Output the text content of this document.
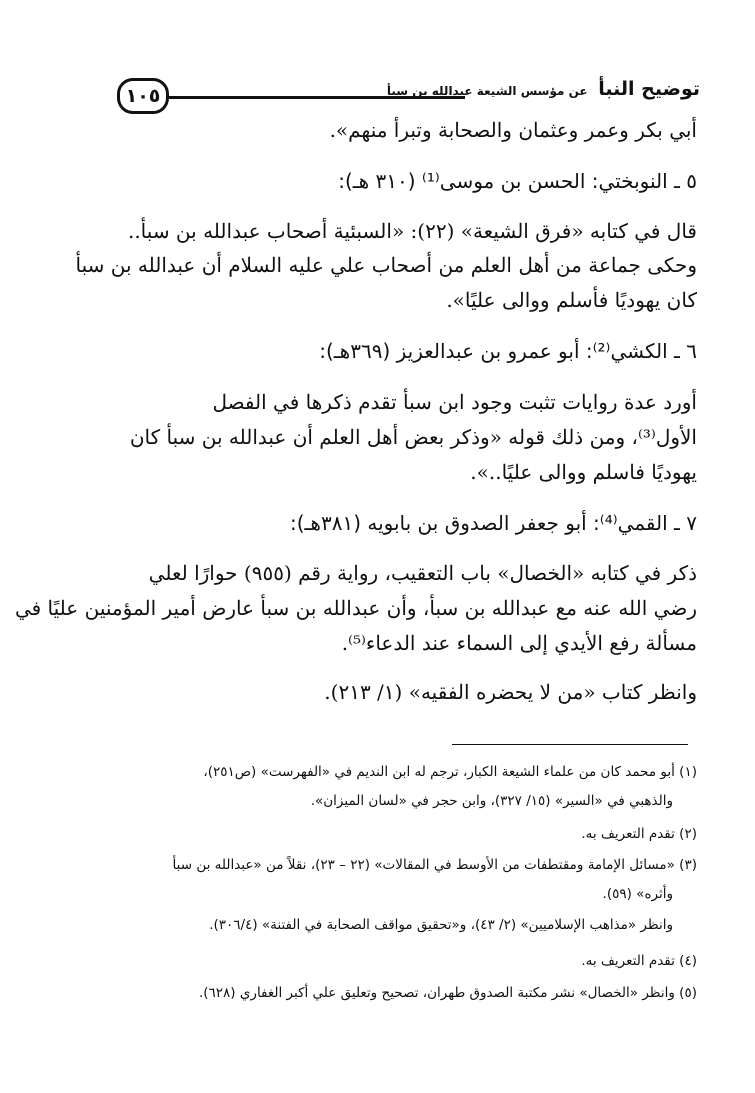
توضيح النبأ عن مؤسس الشيعة عبدالله بن سبأ
١٠٥
أبي بكر وعمر وعثمان والصحابة وتبرأ منهم».
٥ ـ النوبختي: الحسن بن موسى⁽¹⁾ (٣١٠ هـ):
قال في كتابه «فرق الشيعة» (٢٢): «السبئية أصحاب عبدالله بن سبأ..
وحكى جماعة من أهل العلم من أصحاب علي عليه السلام أن عبدالله بن سبأ
كان يهوديًا فأسلم ووالى عليًا».
٦ ـ الكشي⁽²⁾: أبو عمرو بن عبدالعزيز (٣٦٩هـ):
أورد عدة روايات تثبت وجود ابن سبأ تقدم ذكرها في الفصل
الأول⁽³⁾، ومن ذلك قوله «وذكر بعض أهل العلم أن عبدالله بن سبأ كان
يهوديًا فاسلم ووالى عليًا..».
٧ ـ القمي⁽⁴⁾: أبو جعفر الصدوق بن بابويه (٣٨١هـ):
ذكر في كتابه «الخصال» باب التعقيب، رواية رقم (٩٥٥) حوارًا لعلي
رضي الله عنه مع عبدالله بن سبأ، وأن عبدالله بن سبأ عارض أمير المؤمنين عليًا في
مسألة رفع الأيدي إلى السماء عند الدعاء⁽⁵⁾.
وانظر كتاب «من لا يحضره الفقيه» (١/ ٢١٣).
(١) أبو محمد كان من علماء الشيعة الكبار، ترجم له ابن النديم في «الفهرست» (ص٢٥١)،
والذهبي في «السير» (١٥/ ٣٢٧)، وابن حجر في «لسان الميزان».
(٢) تقدم التعريف به.
(٣) «مسائل الإمامة ومقتطفات من الأوسط في المقالات» (٢٢ – ٢٣)، نقلاً من «عبدالله بن سبأ
وأثره» (٥٩).
وانظر «مذاهب الإسلاميين» (٢/ ٤٣)، و«تحقيق مواقف الصحابة في الفتنة» (٣٠٦/٤).
(٤) تقدم التعريف به.
(٥) وانظر «الخصال» نشر مكتبة الصدوق طهران، تصحيح وتعليق علي أكبر الغفاري (٦٢٨).
